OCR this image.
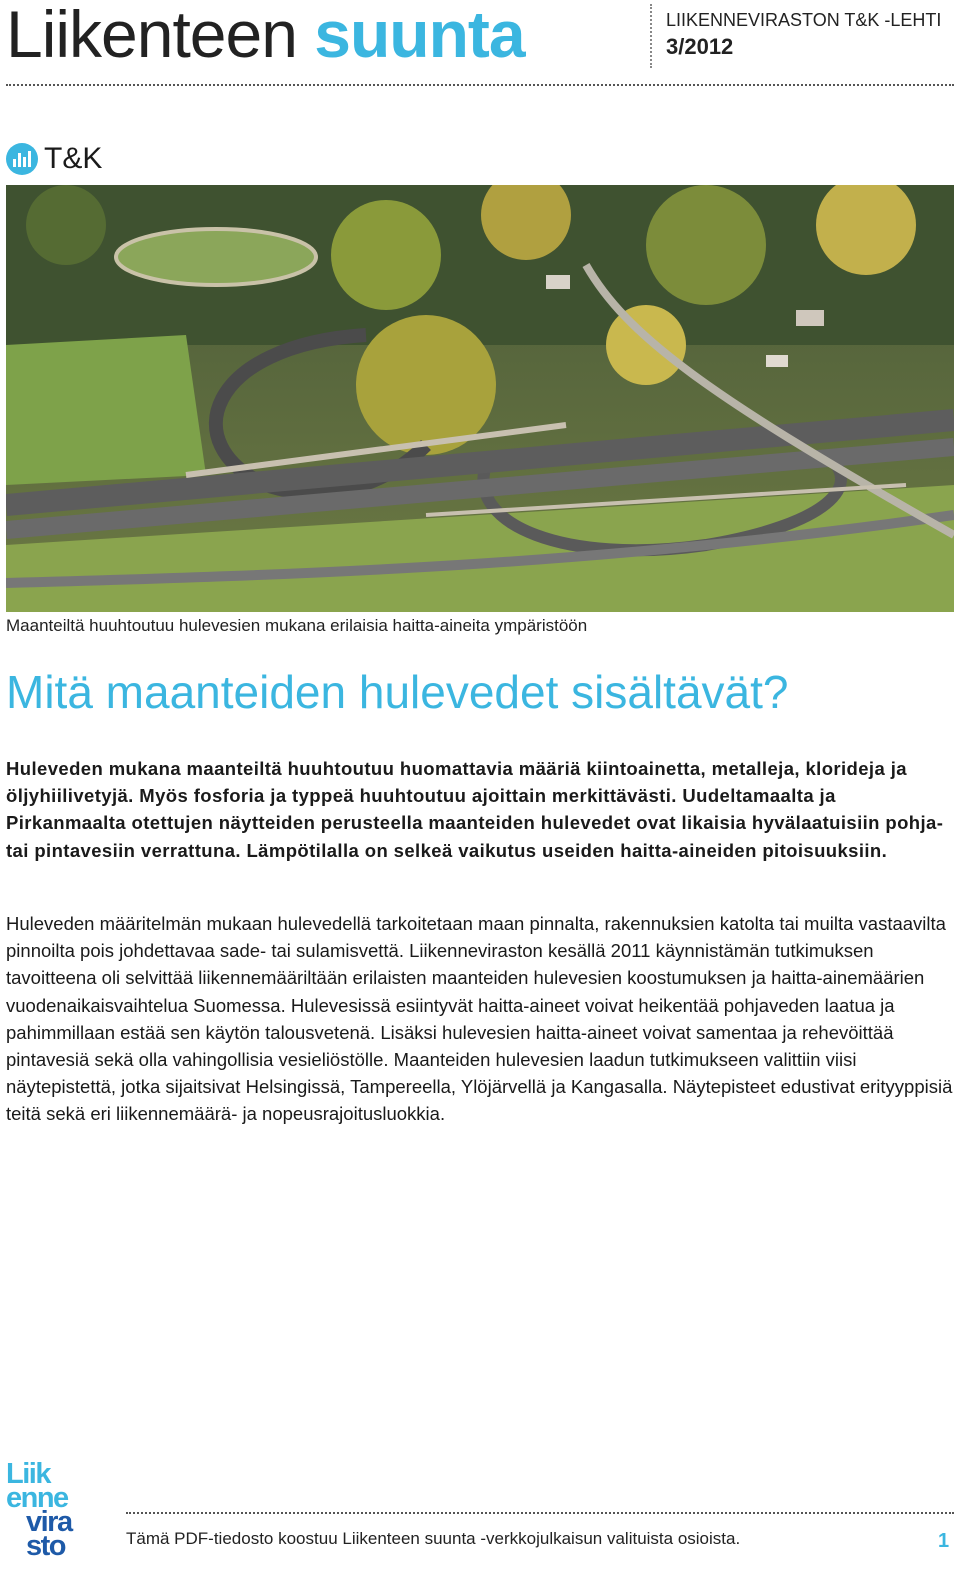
Liikenteen suunta	LIIKENNEVIRASTON T&K -LEHTI
3/2012
T&K
Maanteiltä huuhtoutuu hulevesien mukana erilaisia haitta-aineita ympäristöön
Mitä maanteiden hulevedet sisältävät?

Huleveden mukana maanteiltä huuhtoutuu huomattavia määriä kiintoainetta, metalleja, kloridеja ja öljyhiilivetyjä. Myös fosforia ja typpeä huuhtoutuu ajoittain merkittävästi. Uudeltamaalta ja Pirkanmaalta otettujen näytteiden perusteella maanteiden hulevedet ovat likaisia hyvälaatuisiin pohja- tai pintavesiin verrattuna. Lämpötilalla on selkeä vaikutus useiden haitta-aineiden pitoisuuksiin.

Huleveden määritelmän mukaan hulevedellä tarkoitetaan maan pinnalta, rakennuksien katolta tai muilta vastaavilta pinnoilta pois johdettavaa sade- tai sulamisvettä. Liikenneviraston kesällä 2011 käynnistämän tutkimuksen tavoitteena oli selvittää liikennemääriltään erilaisten maanteiden hulevesien koostumuksen ja haitta-ainemäärien vuodenaikaisvaihtelua Suomessa. Hulevesissä esiintyvät haitta-aineet voivat heikentää pohjaveden laatua ja pahimmillaan estää sen käytön talousvetenä. Lisäksi hulevesien haitta-aineet voivat samentaa ja rehevöittää pintavesiä sekä olla vahingollisia vesieliöstölle. Maanteiden hulevesien laadun tutkimukseen valittiin viisi näytepistettä, jotka sijaitsivat Helsingissä, Tampereella, Ylöjärvellä ja Kangasalla. Näytepisteet edustivat erityyppisiä teitä sekä eri liikennemäärä- ja nopeusrajoitusluokkia.

Liik
enne
vira
sto	Tämä PDF-tiedosto koostuu Liikenteen suunta -verkkojulkaisun valituista osioista.	1
